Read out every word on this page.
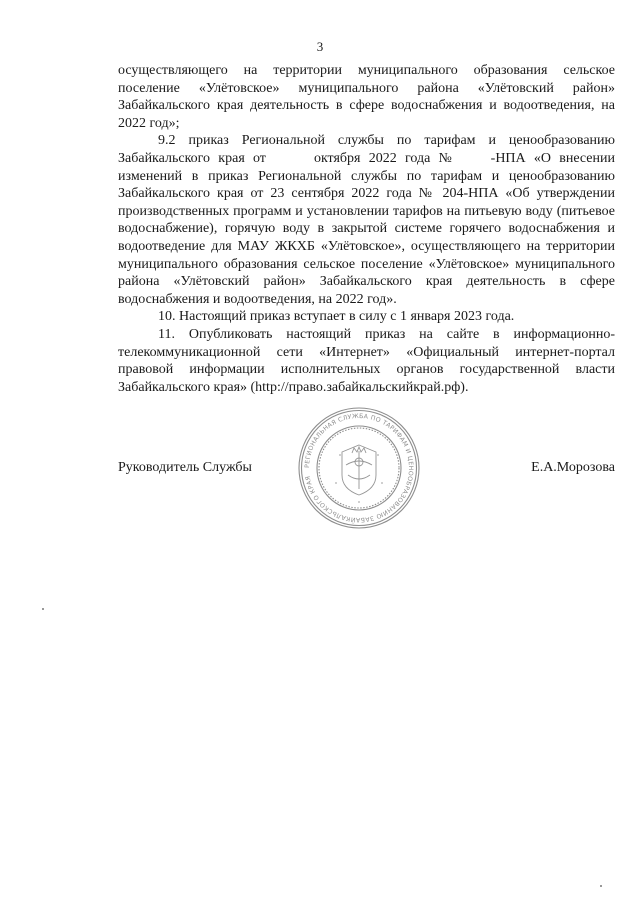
3

осуществляющего на территории муниципального образования сельское поселение «Улётовское» муниципального района «Улётовский район» Забайкальского края деятельность в сфере водоснабжения и водоотведения, на 2022 год»;

9.2 приказ Региональной службы по тарифам и ценообразованию Забайкальского края от	октября 2022 года № -НПА «О внесении изменений в приказ Региональной службы по тарифам и ценообразованию Забайкальского края от 23 сентября 2022 года № 204-НПА «Об утверждении производственных программ и установлении тарифов на питьевую воду (питьевое водоснабжение), горячую воду в закрытой системе горячего водоснабжения и водоотведение для МАУ ЖКХБ «Улётовское», осуществляющего на территории муниципального образования сельское поселение «Улётовское» муниципального района «Улётовский район» Забайкальского края деятельность в сфере водоснабжения и водоотведения, на 2022 год».

10. Настоящий приказ вступает в силу с 1 января 2023 года.

11. Опубликовать настоящий приказ на сайте в информационно-телекоммуникационной сети «Интернет» «Официальный интернет-портал правовой информации исполнительных органов государственной власти Забайкальского края» (http://право.забайкальскийкрай.рф).

Руководитель Службы	Е.А.Морозова
РЕГИОНАЛЬНАЯ СЛУЖБА ПО ТАРИФАМ И ЦЕНООБРАЗОВАНИЮ ЗАБАЙКАЛЬСКОГО КРАЯ
